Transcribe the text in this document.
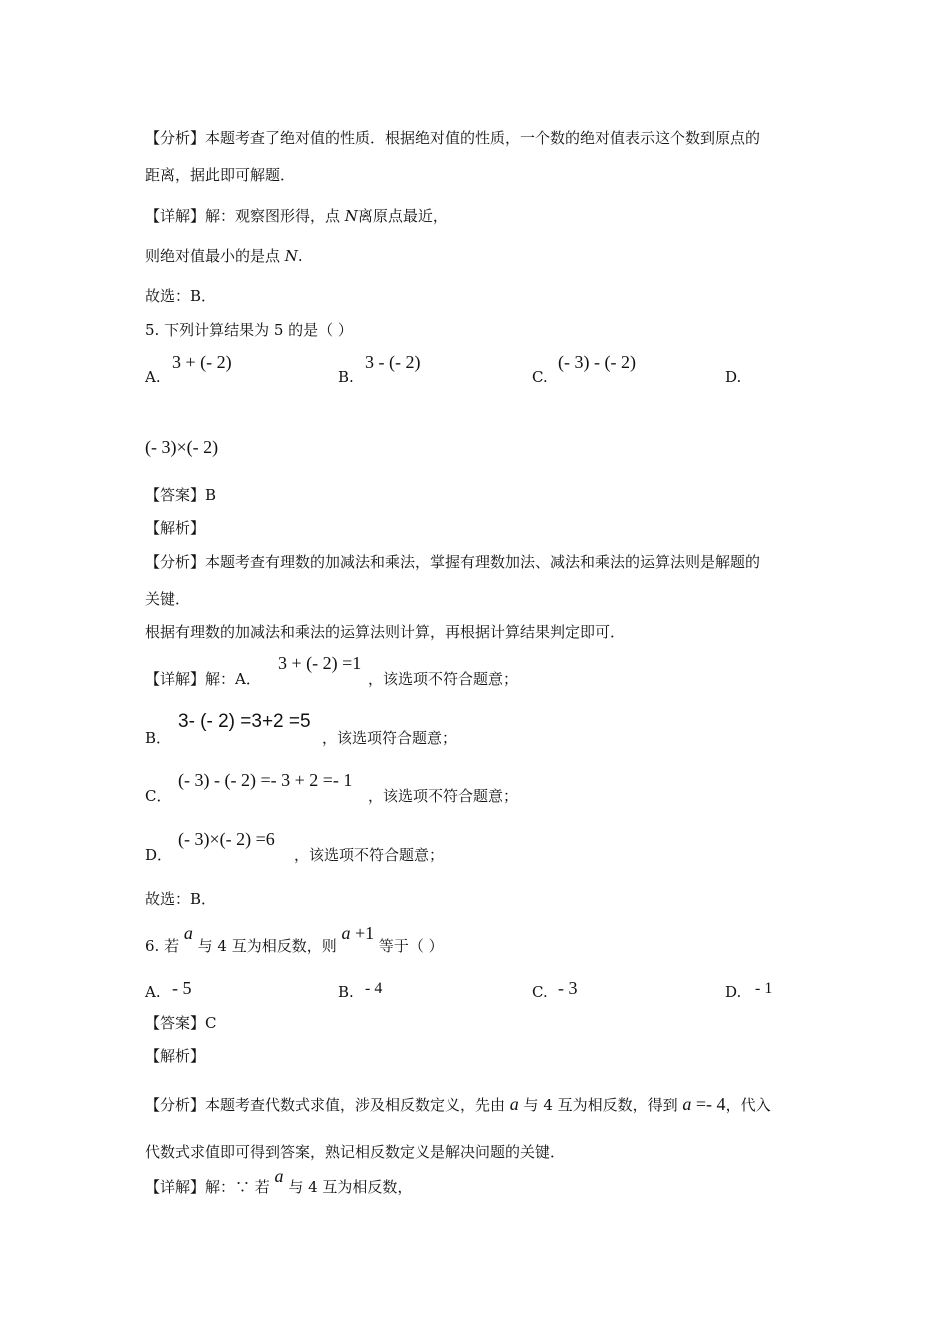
【分析】本题考查了绝对值的性质．根据绝对值的性质，一个数的绝对值表示这个数到原点的
距离，据此即可解题．
【详解】解：观察图形得，点 N离原点最近，
则绝对值最小的是点 N.
故选：B．
5. 下列计算结果为 5 的是（ ）
A.
3 + (- 2)
B.
3 - (- 2)
C.
(- 3) - (- 2)
D.
(- 3)×(- 2)
【答案】B
【解析】
【分析】本题考查有理数的加减法和乘法，掌握有理数加法、减法和乘法的运算法则是解题的
关键．
根据有理数的加减法和乘法的运算法则计算，再根据计算结果判定即可．
【详解】解：A．
3 + (- 2) =1
，该选项不符合题意；
B．
3- (- 2) =3+2 =5
，该选项符合题意；
C．
(- 3) - (- 2) =- 3 + 2 =- 1
，该选项不符合题意；
D．
(- 3)×(- 2) =6
，该选项不符合题意；
故选：B．
6. 若 a 与 4 互为相反数，则 a +1 等于（ ）
A. - 5	B. - 4	C. - 3	D. - 1
【答案】C
【解析】
【分析】本题考查代数式求值，涉及相反数定义，先由 a 与 4 互为相反数，得到 a =- 4，代入
代数式求值即可得到答案，熟记相反数定义是解决问题的关键．
【详解】解：∵ 若 a 与 4 互为相反数，
